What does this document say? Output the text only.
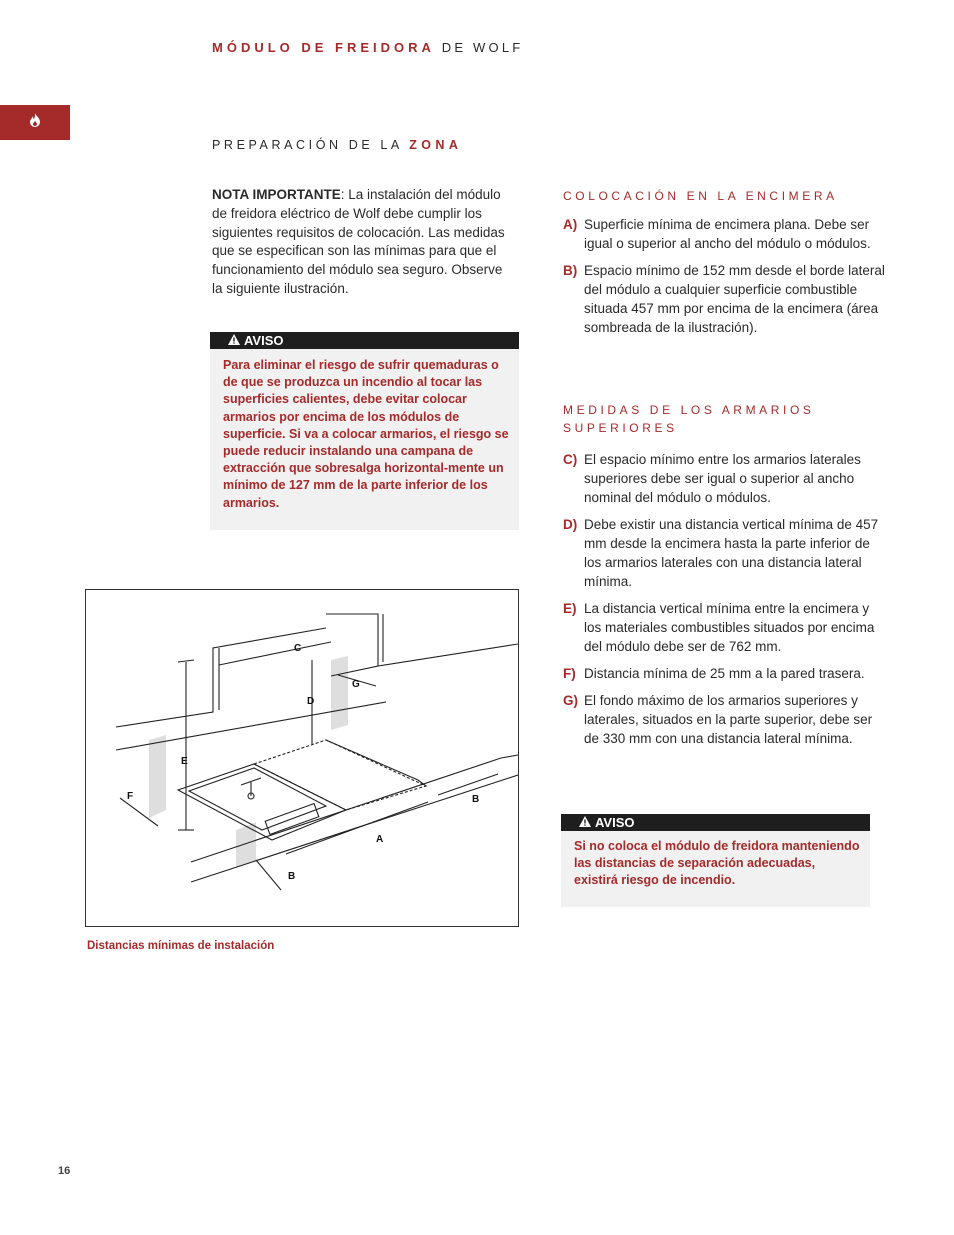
MÓDULO DE FREIDORA DE WOLF
PREPARACIÓN DE LA ZONA
NOTA IMPORTANTE: La instalación del módulo de freidora eléctrico de Wolf debe cumplir los siguientes requisitos de colocación. Las medidas que se especifican son las mínimas para que el funcionamiento del módulo sea seguro. Observe la siguiente ilustración.
AVISO
Para eliminar el riesgo de sufrir quemaduras o de que se produzca un incendio al tocar las superficies calientes, debe evitar colocar armarios por encima de los módulos de superficie. Si va a colocar armarios, el riesgo se puede reducir instalando una campana de extracción que sobresalga horizontal-mente un mínimo de 127 mm de la parte inferior de los armarios.
COLOCACIÓN EN LA ENCIMERA
A) Superficie mínima de encimera plana. Debe ser igual o superior al ancho del módulo o módulos.
B) Espacio mínimo de 152 mm desde el borde lateral del módulo a cualquier superficie combustible situada 457 mm por encima de la encimera (área sombreada de la ilustración).
MEDIDAS DE LOS ARMARIOS SUPERIORES
C) El espacio mínimo entre los armarios laterales superiores debe ser igual o superior al ancho nominal del módulo o módulos.
D) Debe existir una distancia vertical mínima de 457 mm desde la encimera hasta la parte inferior de los armarios laterales con una distancia lateral mínima.
E) La distancia vertical mínima entre la encimera y los materiales combustibles situados por encima del módulo debe ser de 762 mm.
F) Distancia mínima de 25 mm a la pared trasera.
G) El fondo máximo de los armarios superiores y laterales, situados en la parte superior, debe ser de 330 mm con una distancia lateral mínima.
AVISO
Si no coloca el módulo de freidora manteniendo las distancias de separación adecuadas, existirá riesgo de incendio.
C
D
E
G
F
A
B
B
Distancias mínimas de instalación
16
